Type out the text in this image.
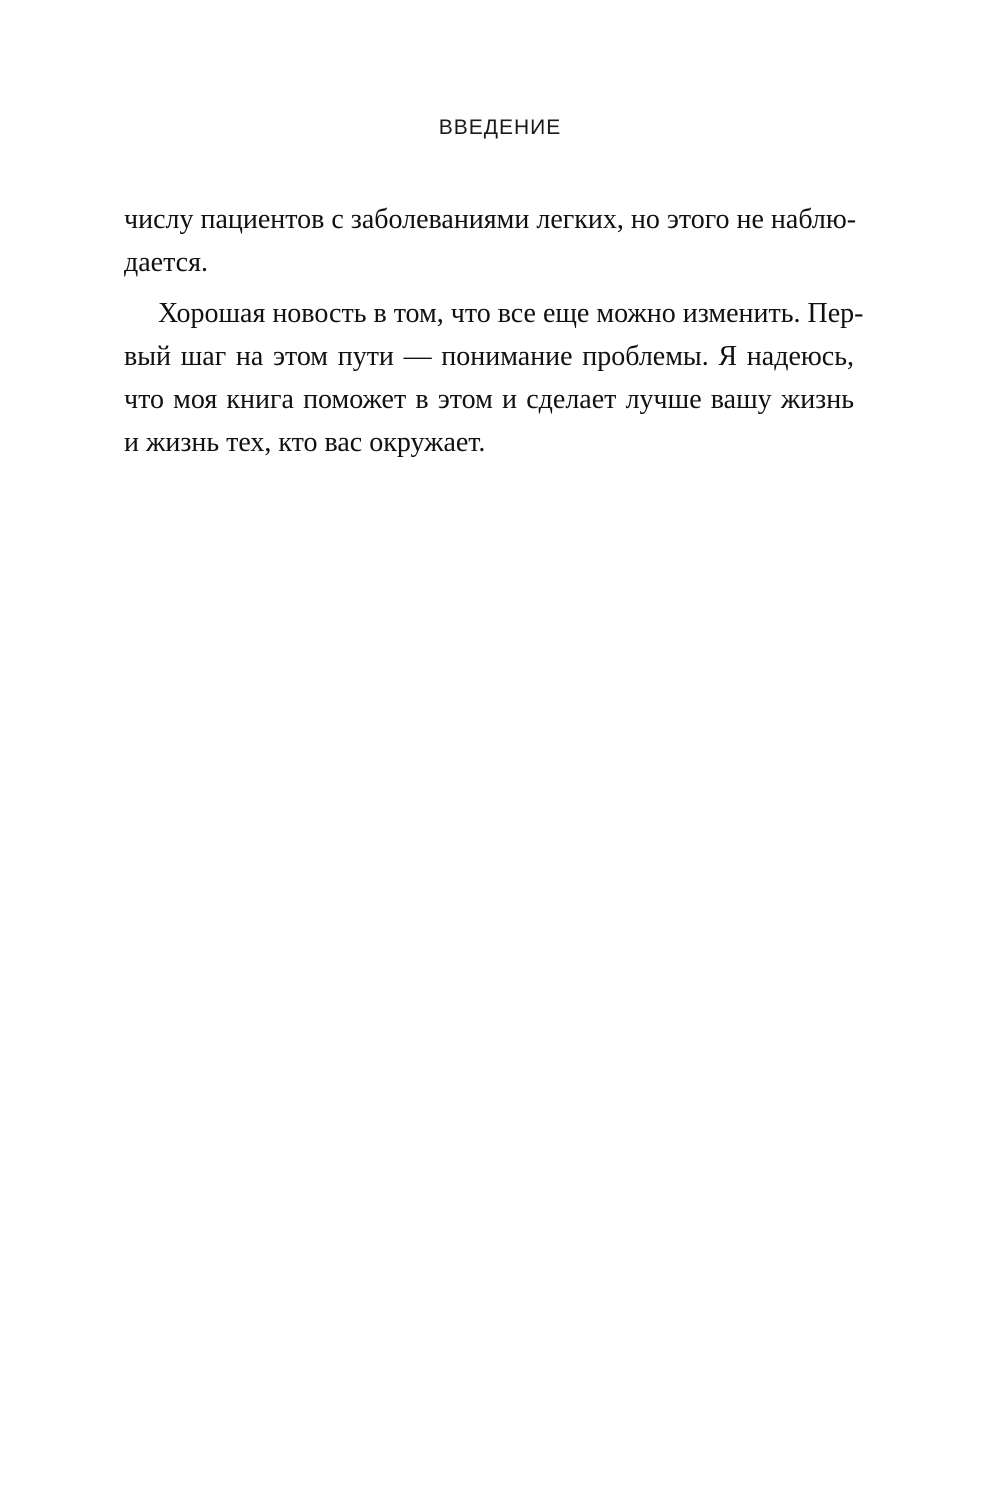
ВВЕДЕНИЕ
числу пациентов с заболеваниями легких, но этого не наблю-
дается.
Хорошая новость в том, что все еще можно изменить. Пер-
вый шаг на этом пути — понимание проблемы. Я надеюсь,
что моя книга поможет в этом и сделает лучше вашу жизнь
и жизнь тех, кто вас окружает.
